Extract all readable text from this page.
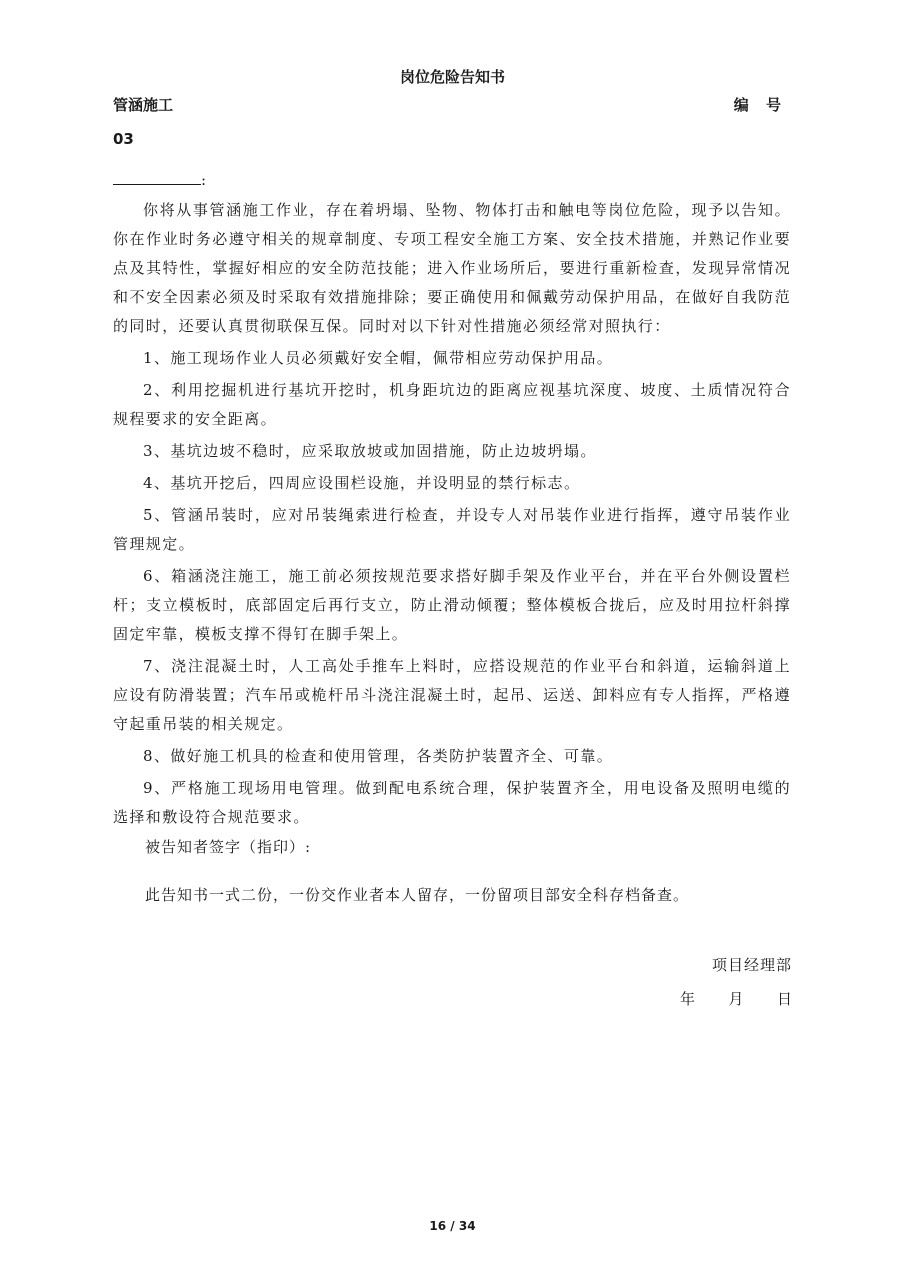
岗位危险告知书
管涵施工	编 号
03
:

你将从事管涵施工作业，存在着坍塌、坠物、物体打击和触电等岗位危险，现予以告知。你在作业时务必遵守相关的规章制度、专项工程安全施工方案、安全技术措施，并熟记作业要点及其特性，掌握好相应的安全防范技能；进入作业场所后，要进行重新检查，发现异常情况和不安全因素必须及时采取有效措施排除；要正确使用和佩戴劳动保护用品，在做好自我防范的同时，还要认真贯彻联保互保。同时对以下针对性措施必须经常对照执行：

1、施工现场作业人员必须戴好安全帽，佩带相应劳动保护用品。

2、利用挖掘机进行基坑开挖时，机身距坑边的距离应视基坑深度、坡度、土质情况符合规程要求的安全距离。

3、基坑边坡不稳时，应采取放坡或加固措施，防止边坡坍塌。

4、基坑开挖后，四周应设围栏设施，并设明显的禁行标志。

5、管涵吊装时，应对吊装绳索进行检查，并设专人对吊装作业进行指挥，遵守吊装作业管理规定。

6、箱涵浇注施工，施工前必须按规范要求搭好脚手架及作业平台，并在平台外侧设置栏杆；支立模板时，底部固定后再行支立，防止滑动倾覆；整体模板合拢后，应及时用拉杆斜撑固定牢靠，模板支撑不得钉在脚手架上。

7、浇注混凝土时，人工高处手推车上料时，应搭设规范的作业平台和斜道，运输斜道上应设有防滑装置；汽车吊或桅杆吊斗浇注混凝土时，起吊、运送、卸料应有专人指挥，严格遵守起重吊装的相关规定。

8、做好施工机具的检查和使用管理，各类防护装置齐全、可靠。

9、严格施工现场用电管理。做到配电系统合理，保护装置齐全，用电设备及照明电缆的选择和敷设符合规范要求。

被告知者签字（指印）:
此告知书一式二份，一份交作业者本人留存，一份留项目部安全科存档备查。
项目经理部
年 月 日
16 / 34
